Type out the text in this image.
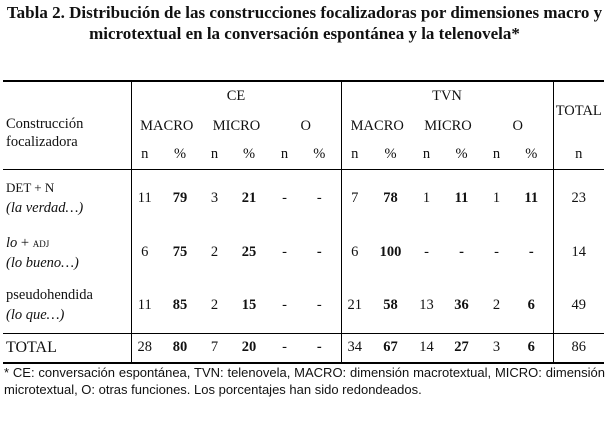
Tabla 2. Distribución de las construcciones focalizadoras por dimensiones macro y microtextual en la conversación espontánea y la telenovela*
Construcción focalizadora	CE						TVN						TOTAL
	MACRO		MICRO		O		MACRO		MICRO		O		
	n	%	n	%	n	%	n	%	n	%	n	%	n

DET + N
(la verdad…)	11	79	3	21	-	-	7	78	1	11	1	11	23

lo + adj
(lo bueno…)	6	75	2	25	-	-	6	100	-	-	-	-	14

pseudohendida
(lo que…)	11	85	2	15	-	-	21	58	13	36	2	6	49
TOTAL	28	80	7	20	-	-	34	67	14	27	3	6	86
* CE: conversación espontánea, TVN: telenovela, MACRO: dimensión macrotextual, MICRO: dimensión microtextual, O: otras funciones. Los porcentajes han sido redondeados.
